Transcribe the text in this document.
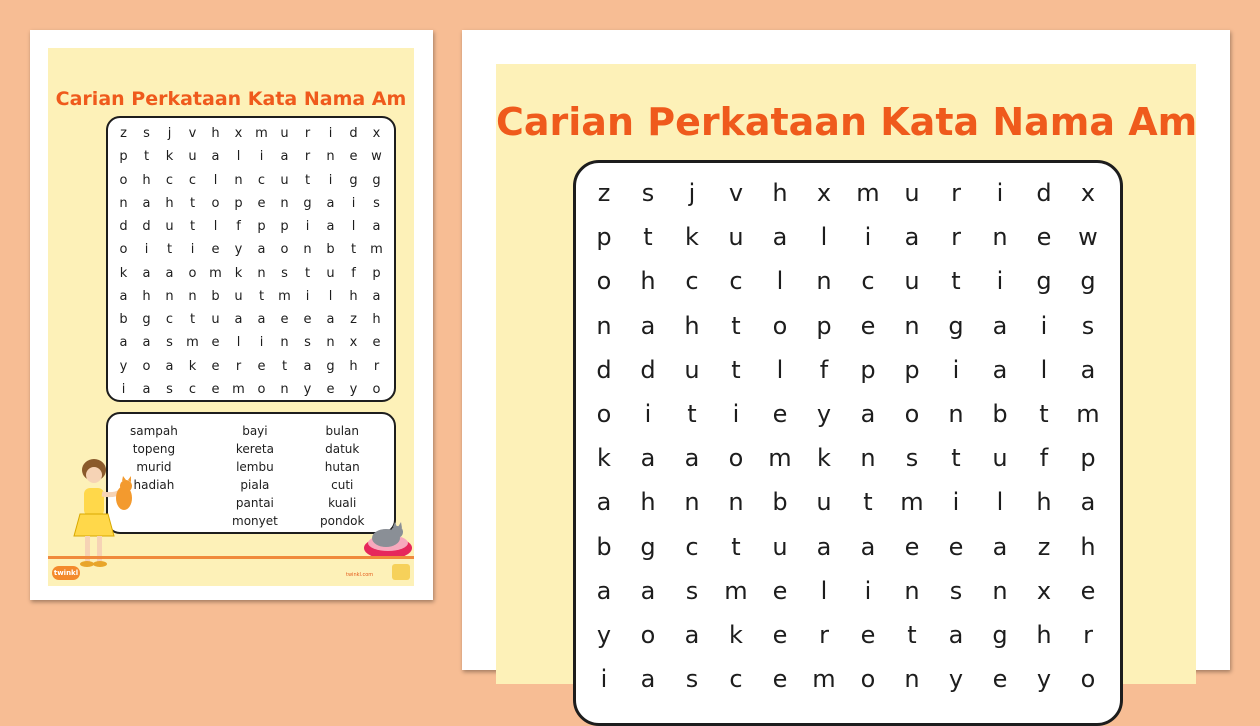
Carian Perkataan Kata Nama Am
z	s	j	v	h	x m u	r	i	d	x
p	t	k	u	a	l	i	a	r	n	e	w
o	h	c	c	l	n	c	u	t	i	g	g
n	a	h	t	o	p	e	n	g	a	i	s
d	d	u	t	l	f	p	p	i	a	l	a
o	i	t	i	e	y	a	o	n	b	t	m
k	a	a	o m k	n	s	t	u	f	p
a	h	n	n	b	u	t	m	i	l	h	a
b	g	c	t	u	a	a	e	e	a	z	h
a	a	s	m e	l	i	n	s	n	x	e
y	o	a	k	e	r	e	t	a	g	h	r
i	a	s	c	e m o	n	y	e	y	o
sampah
topeng
murid
hadiah
bayi
kereta
lembu
piala
pantai
monyet
bulan
datuk
hutan
cuti
kuali
pondok
twinkl	twinkl.com
Carian Perkataan Kata Nama Am
z	s	j	v	h	x	m	u	r	i	d	x
p	t	k	u	a	l	i	a	r	n	e	w
o	h	c	c	l	n	c	u	t	i	g	g
n	a	h	t	o	p	e	n	g	a	i	s
d	d	u	t	l	f	p	p	i	a	l	a
o	i	t	i	e	y	a	o	n	b	t	m
k	a	a	o	m	k	n	s	t	u	f	p
a	h	n	n	b	u	t	m	i	l	h	a
b	g	c	t	u	a	a	e	e	a	z	h
a	a	s	m	e	l	i	n	s	n	x	e
y	o	a	k	e	r	e	t	a	g	h	r
i	a	s	c	e	m	o	n	y	e	y	o
